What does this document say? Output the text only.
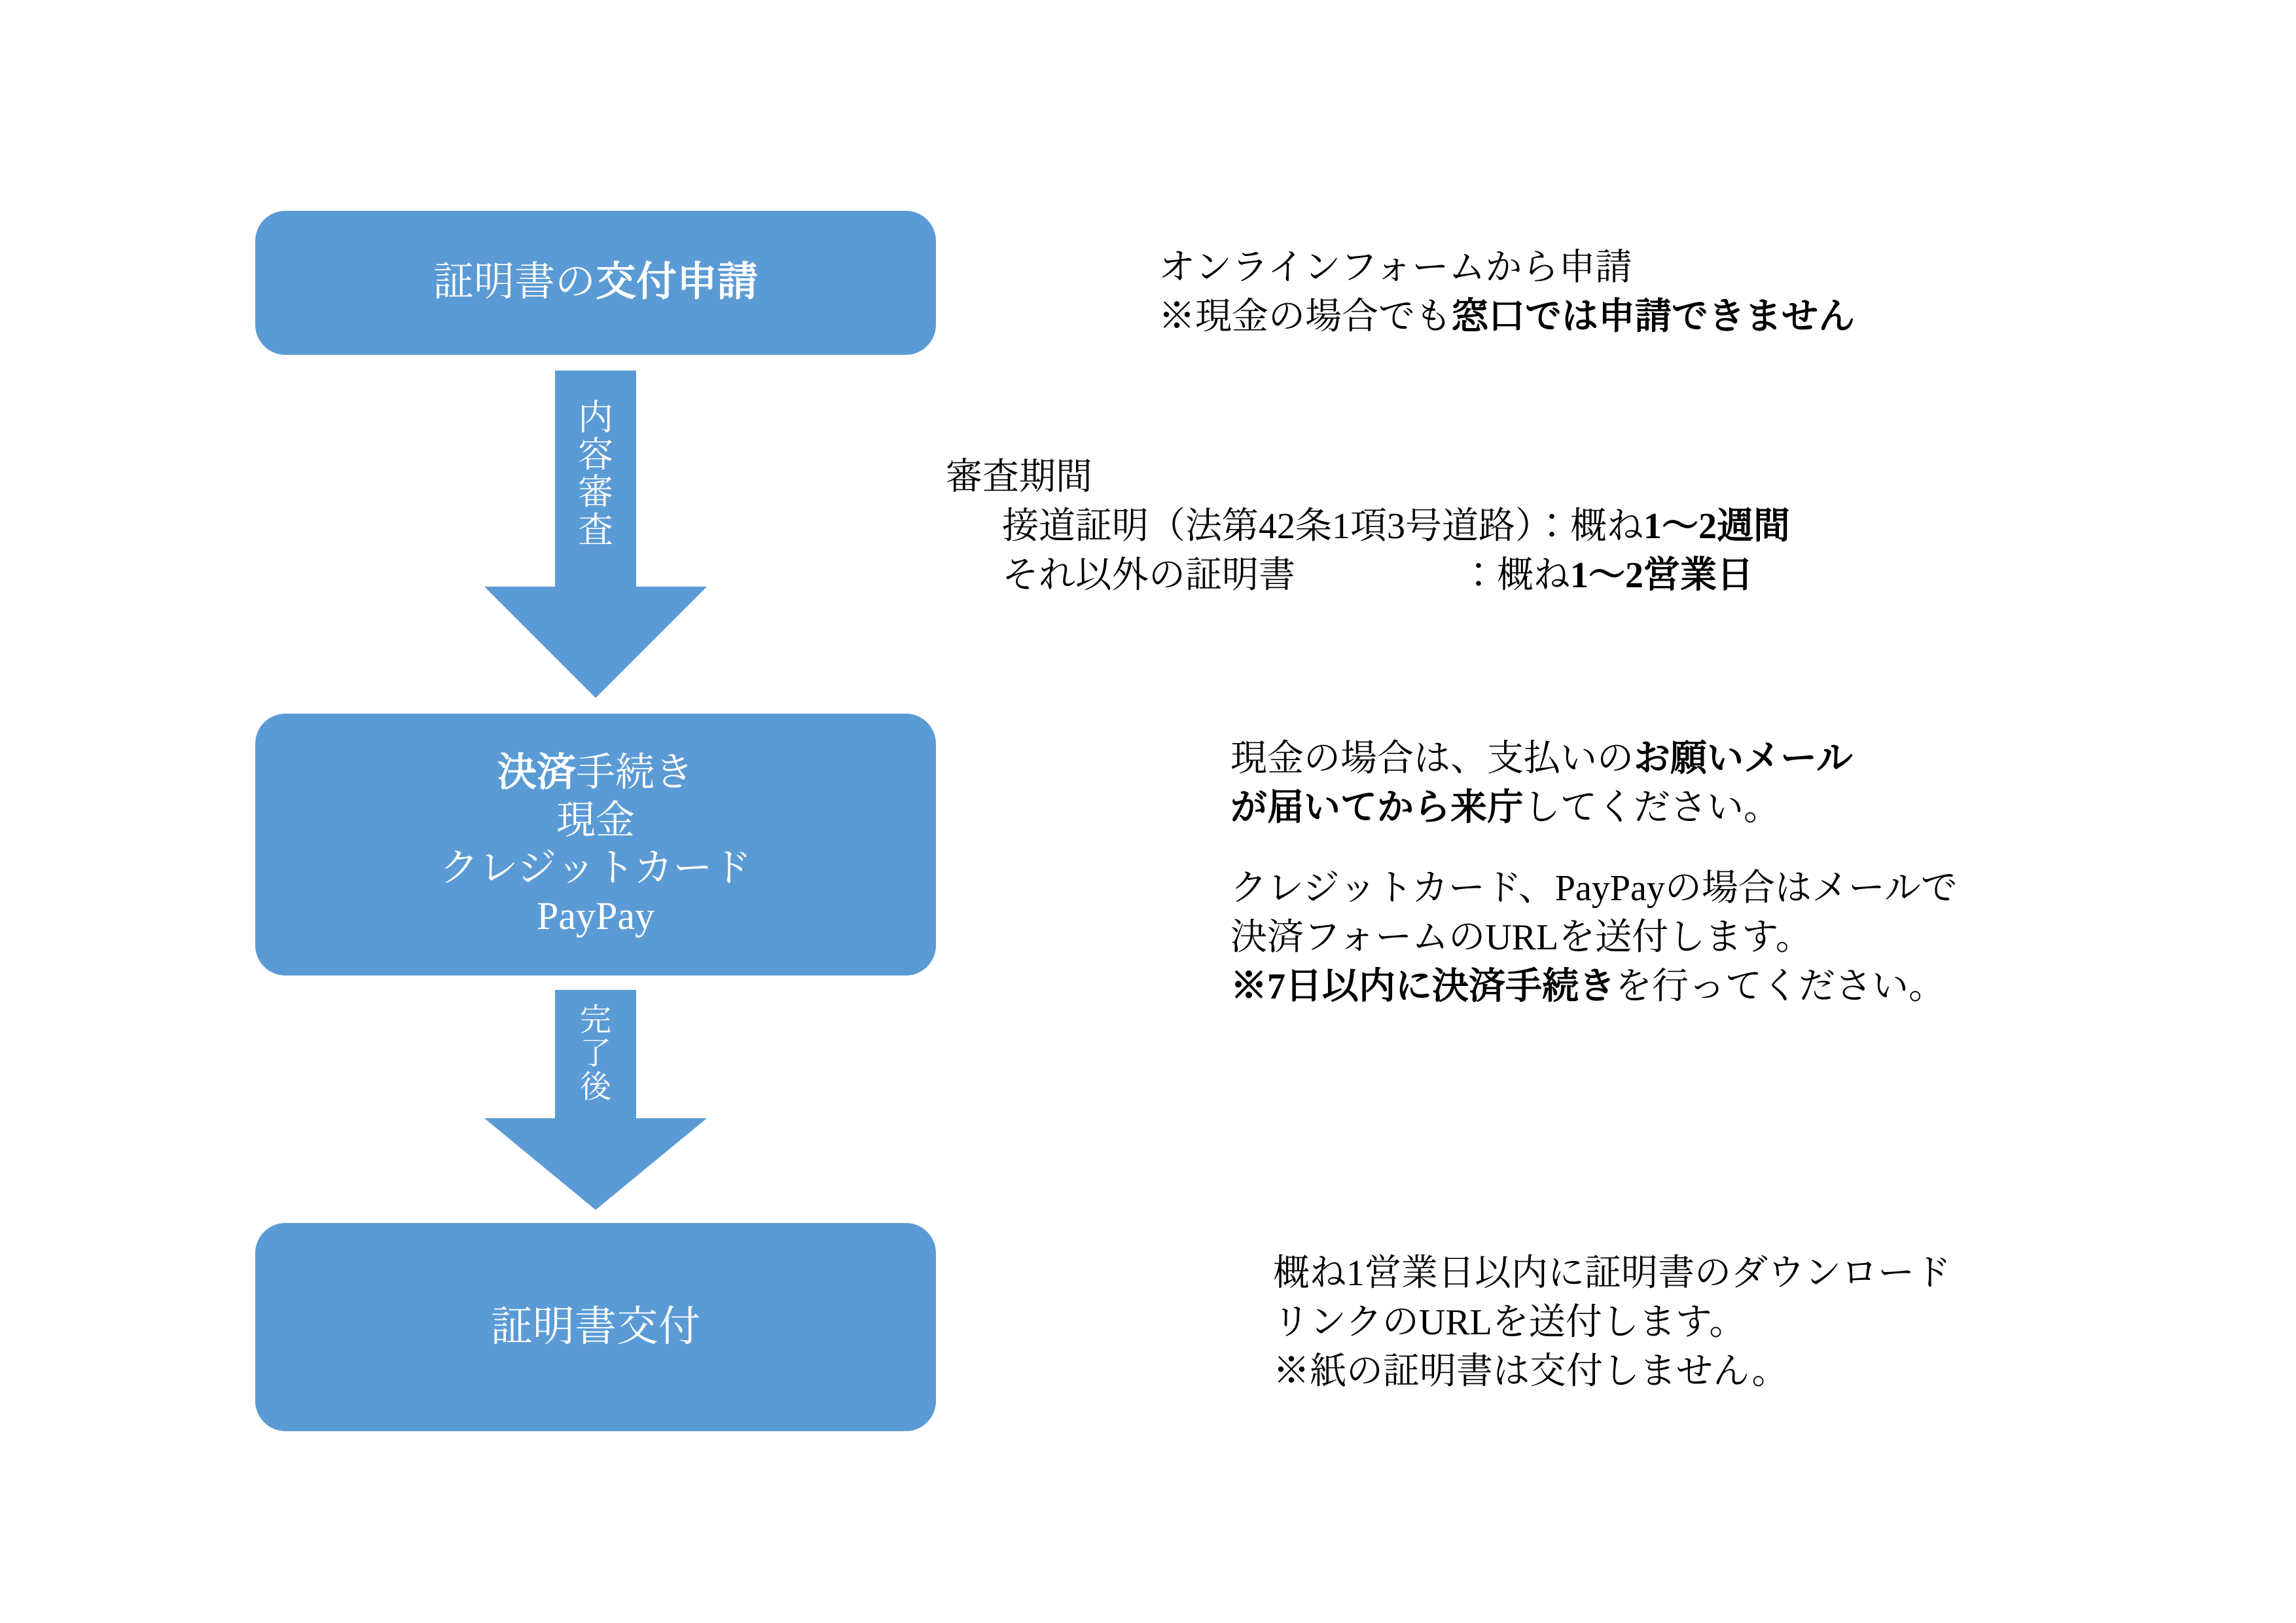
証明書の交付申請
内
容
審
査
決済手続き
現金
クレジットカード
PayPay
完
了
後
証明書交付
オンラインフォームから申請
※現金の場合でも窓口では申請できません
審査期間
接道証明（法第42条1項3号道路）：概ね1～2週間
それ以外の証明書	：概ね1～2営業日
現金の場合は、支払いのお願いメール
が届いてから来庁してください。
クレジットカード、PayPayの場合はメールで
決済フォームのURLを送付します。
※7日以内に決済手続きを行ってください。
概ね1営業日以内に証明書のダウンロード
リンクのURLを送付します。
※紙の証明書は交付しません。
